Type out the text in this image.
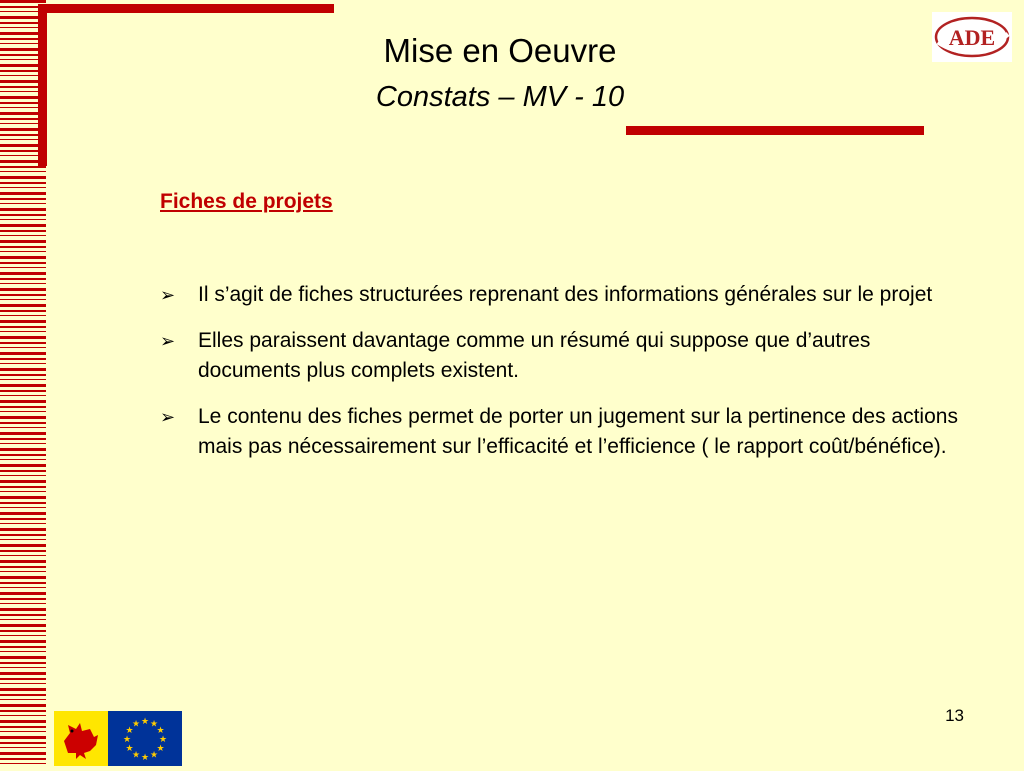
Mise en Oeuvre
Constats – MV - 10
ADE
Fiches de projets
➢ Il s’agit de fiches structurées reprenant des informations générales sur le projet
➢ Elles paraissent davantage comme un résumé qui suppose que d’autres documents plus complets existent.
➢ Le contenu des fiches permet de porter un jugement sur la pertinence des actions mais pas nécessairement sur l’efficacité et l’efficience ( le rapport coût/bénéfice).
★ ★
★
★
★
★
★
★
★
★
★
★	13
